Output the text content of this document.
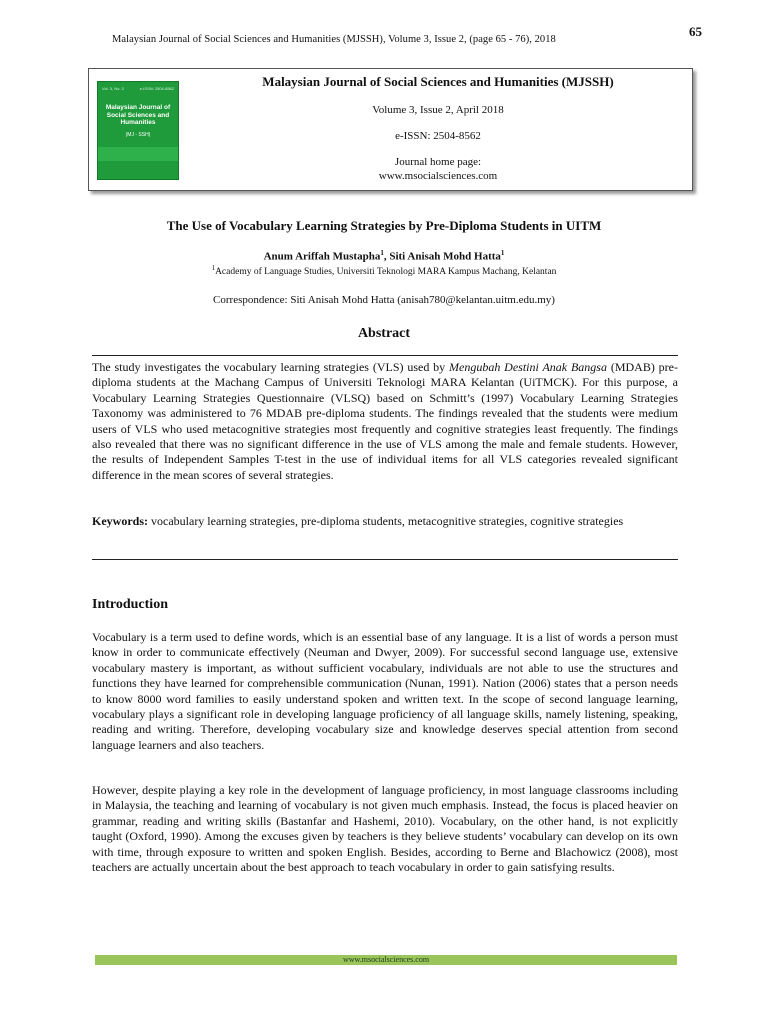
65
Malaysian Journal of Social Sciences and Humanities (MJSSH), Volume 3, Issue 2, (page 65 - 76), 2018
Vol. 3, No. 2	e-ISSN: 2504-8562
Malaysian Journal of Social Sciences and Humanities
(MJ - SSH)
Malaysian Journal of Social Sciences and Humanities (MJSSH)
Volume 3, Issue 2, April 2018
e-ISSN: 2504-8562
Journal home page:
www.msocialsciences.com
The Use of Vocabulary Learning Strategies by Pre-Diploma Students in UITM
Anum Ariffah Mustapha$^1$, Siti Anisah Mohd Hatta$^1$
$^1$Academy of Language Studies, Universiti Teknologi MARA Kampus Machang, Kelantan
Correspondence: Siti Anisah Mohd Hatta (anisah780@kelantan.uitm.edu.my)
Abstract
The study investigates the vocabulary learning strategies (VLS) used by Mengubah Destini Anak Bangsa (MDAB) pre-diploma students at the Machang Campus of Universiti Teknologi MARA Kelantan (UiTMCK). For this purpose, a Vocabulary Learning Strategies Questionnaire (VLSQ) based on Schmitt’s (1997) Vocabulary Learning Strategies Taxonomy was administered to 76 MDAB pre-diploma students. The findings revealed that the students were medium users of VLS who used metacognitive strategies most frequently and cognitive strategies least frequently. The findings also revealed that there was no significant difference in the use of VLS among the male and female students. However, the results of Independent Samples T-test in the use of individual items for all VLS categories revealed significant difference in the mean scores of several strategies.
Keywords: vocabulary learning strategies, pre-diploma students, metacognitive strategies, cognitive strategies
Introduction
Vocabulary is a term used to define words, which is an essential base of any language. It is a list of words a person must know in order to communicate effectively (Neuman and Dwyer, 2009). For successful second language use, extensive vocabulary mastery is important, as without sufficient vocabulary, individuals are not able to use the structures and functions they have learned for comprehensible communication (Nunan, 1991). Nation (2006) states that a person needs to know 8000 word families to easily understand spoken and written text. In the scope of second language learning, vocabulary plays a significant role in developing language proficiency of all language skills, namely listening, speaking, reading and writing. Therefore, developing vocabulary size and knowledge deserves special attention from second language learners and also teachers.
However, despite playing a key role in the development of language proficiency, in most language classrooms including in Malaysia, the teaching and learning of vocabulary is not given much emphasis. Instead, the focus is placed heavier on grammar, reading and writing skills (Bastanfar and Hashemi, 2010). Vocabulary, on the other hand, is not explicitly taught (Oxford, 1990). Among the excuses given by teachers is they believe students’ vocabulary can develop on its own with time, through exposure to written and spoken English. Besides, according to Berne and Blachowicz (2008), most teachers are actually uncertain about the best approach to teach vocabulary in order to gain satisfying results.
www.msocialsciences.com
